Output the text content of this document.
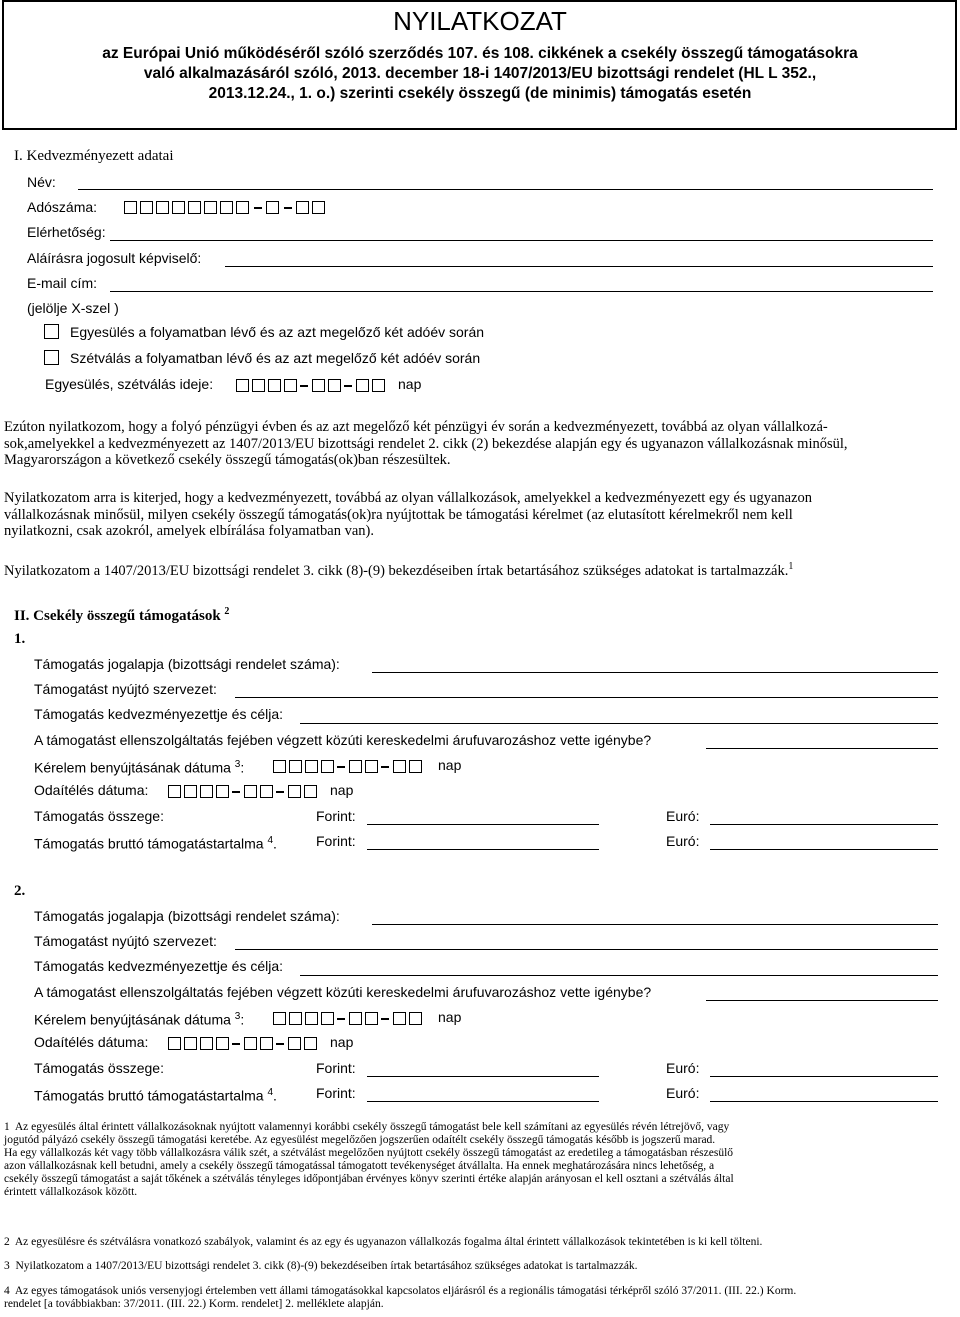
NYILATKOZAT
az Európai Unió működéséről szóló szerződés 107. és 108. cikkének a csekély összegű támogatásokra
való alkalmazásáról szóló, 2013. december 18-i 1407/2013/EU bizottsági rendelet (HL L 352.,
2013.12.24., 1. o.) szerinti csekély összegű (de minimis) támogatás esetén
I. Kedvezményezett adatai
Név:
Adószáma:
Elérhetőség:
Aláírásra jogosult képviselő:
E-mail cím:
(jelölje X-szel )
Egyesülés a folyamatban lévő és az azt megelőző két adóév során
Szétválás a folyamatban lévő és az azt megelőző két adóév során
Egyesülés, szétválás ideje:	nap
Ezúton nyilatkozom, hogy a folyó pénzügyi évben és az azt megelőző két pénzügyi év során a kedvezményezett, továbbá az olyan vállalkozá-
sok,amelyekkel a kedvezményezett az 1407/2013/EU bizottsági rendelet 2. cikk (2) bekezdése alapján egy és ugyanazon vállalkozásnak minősül,
Magyarországon a következő csekély összegű támogatás(ok)ban részesültek.
Nyilatkozatom arra is kiterjed, hogy a kedvezményezett, továbbá az olyan vállalkozások, amelyekkel a kedvezményezett egy és ugyanazon
vállalkozásnak minősül, milyen csekély összegű támogatás(ok)ra nyújtottak be támogatási kérelmet (az elutasított kérelmekről nem kell
nyilatkozni, csak azokról, amelyek elbírálása folyamatban van).
Nyilatkozatom a 1407/2013/EU bizottsági rendelet 3. cikk (8)-(9) bekezdéseiben írtak betartásához szükséges adatokat is tartalmazzák.$^1$
II. Csekély összegű támogatások $^2$
1.
Támogatás jogalapja (bizottsági rendelet száma):
Támogatást nyújtó szervezet:
Támogatás kedvezményezettje és célja:
A támogatást ellenszolgáltatás fejében végzett közúti kereskedelmi árufuvarozáshoz vette igénybe?
Kérelem benyújtásának dátuma $^3$:	nap
Odaítélés dátuma:	nap
Támogatás összege:	Forint:	Euró:
Támogatás bruttó támogatástartalma $^4$.	Forint:	Euró:
2.
Támogatás jogalapja (bizottsági rendelet száma):
Támogatást nyújtó szervezet:
Támogatás kedvezményezettje és célja:
A támogatást ellenszolgáltatás fejében végzett közúti kereskedelmi árufuvarozáshoz vette igénybe?
Kérelem benyújtásának dátuma $^3$:	nap
Odaítélés dátuma:	nap
Támogatás összege:	Forint:	Euró:
Támogatás bruttó támogatástartalma $^4$.	Forint:	Euró:
1 Az egyesülés által érintett vállalkozásoknak nyújtott valamennyi korábbi csekély összegű támogatást bele kell számítani az egyesülés révén létrejövő, vagy
jogutód pályázó csekély összegű támogatási keretébe. Az egyesülést megelőzően jogszerűen odaítélt csekély összegű támogatás később is jogszerű marad.
Ha egy vállalkozás két vagy több vállalkozásra válik szét, a szétválást megelőzően nyújtott csekély összegű támogatást az eredetileg a támogatásban részesülő
azon vállalkozásnak kell betudni, amely a csekély összegű támogatással támogatott tevékenységet átvállalta. Ha ennek meghatározására nincs lehetőség, a
csekély összegű támogatást a saját tőkének a szétválás tényleges időpontjában érvényes könyv szerinti értéke alapján arányosan el kell osztani a szétválás által
érintett vállalkozások között.
2 Az egyesülésre és szétválásra vonatkozó szabályok, valamint és az egy és ugyanazon vállalkozás fogalma által érintett vállalkozások tekintetében is ki kell tölteni.
3 Nyilatkozatom a 1407/2013/EU bizottsági rendelet 3. cikk (8)-(9) bekezdéseiben írtak betartásához szükséges adatokat is tartalmazzák.
4 Az egyes támogatások uniós versenyjogi értelemben vett állami támogatásokkal kapcsolatos eljárásról és a regionális támogatási térképről szóló 37/2011. (III. 22.) Korm.
rendelet [a továbbiakban: 37/2011. (III. 22.) Korm. rendelet] 2. melléklete alapján.
